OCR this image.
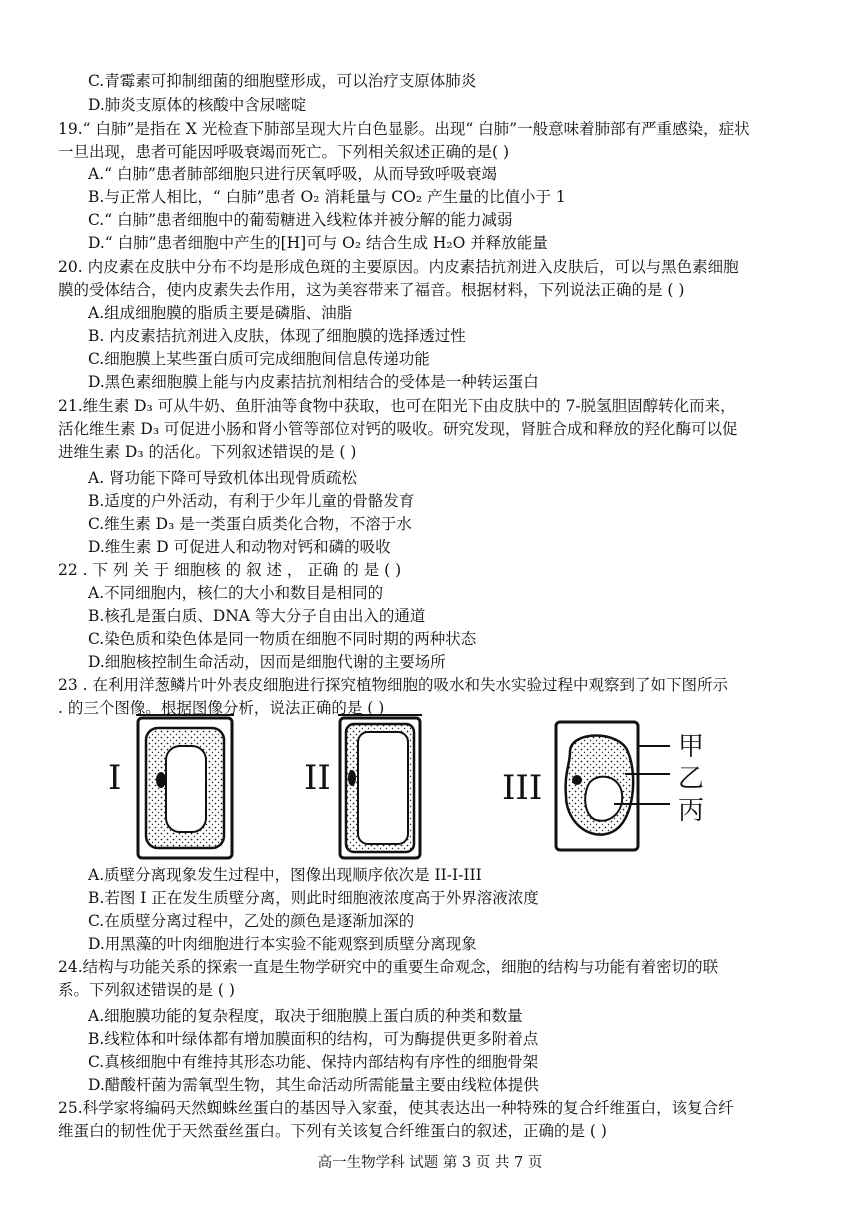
C.青霉素可抑制细菌的细胞壁形成，可以治疗支原体肺炎
D.肺炎支原体的核酸中含尿嘧啶
19.“ 白肺”是指在 X 光检查下肺部呈现大片白色显影。出现“ 白肺”一般意味着肺部有严重感染，症状
一旦出现，患者可能因呼吸衰竭而死亡。下列相关叙述正确的是( )
A.“ 白肺”患者肺部细胞只进行厌氧呼吸，从而导致呼吸衰竭
B.与正常人相比，“ 白肺”患者 O₂ 消耗量与 CO₂ 产生量的比值小于 1
C.“ 白肺”患者细胞中的葡萄糖进入线粒体并被分解的能力减弱
D.“ 白肺”患者细胞中产生的[H]可与 O₂ 结合生成 H₂O 并释放能量
20. 内皮素在皮肤中分布不均是形成色斑的主要原因。内皮素拮抗剂进入皮肤后，可以与黑色素细胞
膜的受体结合，使内皮素失去作用，这为美容带来了福音。根据材料，下列说法正确的是 ( )
A.组成细胞膜的脂质主要是磷脂、油脂
B. 内皮素拮抗剂进入皮肤，体现了细胞膜的选择透过性
C.细胞膜上某些蛋白质可完成细胞间信息传递功能
D.黑色素细胞膜上能与内皮素拮抗剂相结合的受体是一种转运蛋白
21.维生素 D₃ 可从牛奶、鱼肝油等食物中获取，也可在阳光下由皮肤中的 7-脱氢胆固醇转化而来，
活化维生素 D₃ 可促进小肠和肾小管等部位对钙的吸收。研究发现，肾脏合成和释放的羟化酶可以促
进维生素 D₃ 的活化。下列叙述错误的是 ( )
A. 肾功能下降可导致机体出现骨质疏松
B.适度的户外活动，有利于少年儿童的骨骼发育
C.维生素 D₃ 是一类蛋白质类化合物，不溶于水
D.维生素 D 可促进人和动物对钙和磷的吸收
22 . 下 列 关 于 细胞核 的 叙 述 ， 正确 的 是 ( )
A.不同细胞内，核仁的大小和数目是相同的
B.核孔是蛋白质、DNA 等大分子自由出入的通道
C.染色质和染色体是同一物质在细胞不同时期的两种状态
D.细胞核控制生命活动，因而是细胞代谢的主要场所
23 . 在利用洋葱鳞片叶外表皮细胞进行探究植物细胞的吸水和失水实验过程中观察到了如下图所示
. 的三个图像。根据图像分析，说法正确的是 ( )
I	II	III
甲
乙
丙
A.质壁分离现象发生过程中，图像出现顺序依次是 II-I-III
B.若图 I 正在发生质壁分离，则此时细胞液浓度高于外界溶液浓度
C.在质壁分离过程中，乙处的颜色是逐渐加深的
D.用黑藻的叶肉细胞进行本实验不能观察到质壁分离现象
24.结构与功能关系的探索一直是生物学研究中的重要生命观念，细胞的结构与功能有着密切的联
系。下列叙述错误的是 ( )
A.细胞膜功能的复杂程度，取决于细胞膜上蛋白质的种类和数量
B.线粒体和叶绿体都有增加膜面积的结构，可为酶提供更多附着点
C.真核细胞中有维持其形态功能、保持内部结构有序性的细胞骨架
D.醋酸杆菌为需氧型生物，其生命活动所需能量主要由线粒体提供
25.科学家将编码天然蜘蛛丝蛋白的基因导入家蚕，使其表达出一种特殊的复合纤维蛋白，该复合纤
维蛋白的韧性优于天然蚕丝蛋白。下列有关该复合纤维蛋白的叙述，正确的是 ( )
高一生物学科 试题 第 3 页 共 7 页
